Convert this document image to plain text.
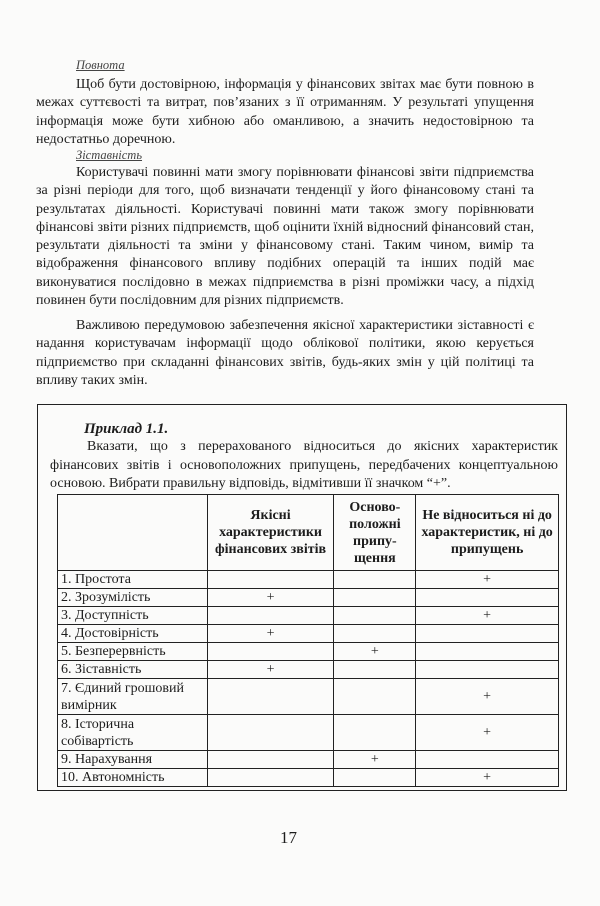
Повнота

Щоб бути достовірною, інформація у фінансових звітах має бути повною в межах суттєвості та витрат, пов’язаних з її отриманням. У результаті упущення інформація може бути хибною або оманливою, а значить недостовірною та недостатньо доречною.

Зіставність

Користувачі повинні мати змогу порівнювати фінансові звіти підприємства за різні періоди для того, щоб визначати тенденції у його фінансовому стані та результатах діяльності. Користувачі повинні мати також змогу порівнювати фінансові звіти різних підприємств, щоб оцінити їхній відносний фінансовий стан, результати діяльності та зміни у фінансовому стані. Таким чином, вимір та відображення фінансового впливу подібних операцій та інших подій має виконуватися послідовно в межах підприємства в різні проміжки часу, а підхід повинен бути послідовним для різних підприємств.

Важливою передумовою забезпечення якісної характеристики зіставності є надання користувачам інформації щодо облікової політики, якою керується підприємство при складанні фінансових звітів, будь-яких змін у цій політиці та впливу таких змін.

Приклад 1.1.

Вказати, що з перерахованого відноситься до якісних характеристик фінансових звітів і основоположних припущень, передбачених концептуальною основою. Вибрати правильну відповідь, відмітивши її значком “+”.

	Якісні характеристики фінансових звітів	Осново-положні припу-щення	Не відноситься ні до характеристик, ні до припущень
1. Простота			+
2. Зрозумілість	+		
3. Доступність			+
4. Достовірність	+		
5. Безперервність		+	
6. Зіставність	+		
7. Єдиний грошовий вимірник			+
8. Історична собівартість			+
9. Нарахування		+	
10. Автономність			+
17
